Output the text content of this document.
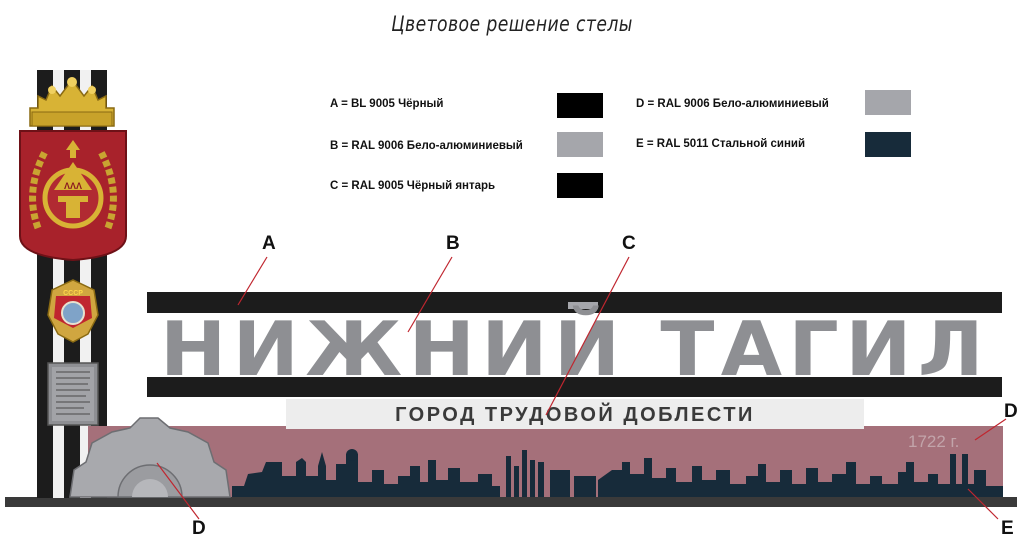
Цветовое решение стелы
A = BL 9005 Чёрный
B = RAL 9006 Бело-алюминиевый
C = RAL 9005 Чёрный янтарь
D = RAL 9006 Бело-алюминиевый
E = RAL 5011 Стальной синий
ΛΛΛ
СССР
1722 г.
ГОРОД ТРУДОВОЙ ДОБЛЕСТИ
НИЖНИЙ ТАГИЛ
A	B	C
D
E
D
